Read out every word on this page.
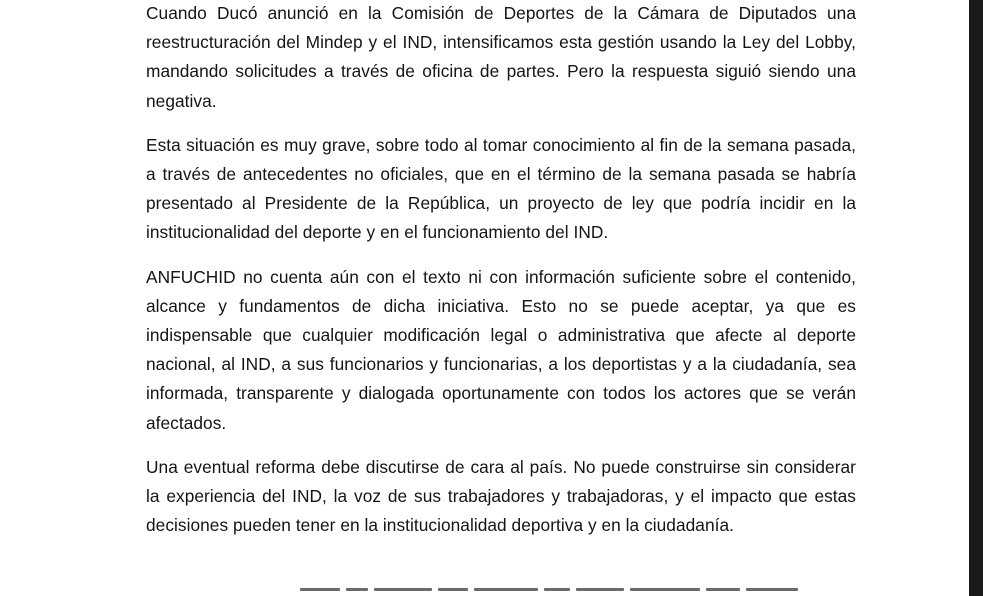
Cuando Ducó anunció en la Comisión de Deportes de la Cámara de Diputados una reestructuración del Mindep y el IND, intensificamos esta gestión usando la Ley del Lobby, mandando solicitudes a través de oficina de partes. Pero la respuesta siguió siendo una negativa.

Esta situación es muy grave, sobre todo al tomar conocimiento al fin de la semana pasada, a través de antecedentes no oficiales, que en el término de la semana pasada se habría presentado al Presidente de la República, un proyecto de ley que podría incidir en la institucionalidad del deporte y en el funcionamiento del IND.

ANFUCHID no cuenta aún con el texto ni con información suficiente sobre el contenido, alcance y fundamentos de dicha iniciativa. Esto no se puede aceptar, ya que es indispensable que cualquier modificación legal o administrativa que afecte al deporte nacional, al IND, a sus funcionarios y funcionarias, a los deportistas y a la ciudadanía, sea informada, transparente y dialogada oportunamente con todos los actores que se verán afectados.

Una eventual reforma debe discutirse de cara al país. No puede construirse sin considerar la experiencia del IND, la voz de sus trabajadores y trabajadoras, y el impacto que estas decisiones pueden tener en la institucionalidad deportiva y en la ciudadanía.
